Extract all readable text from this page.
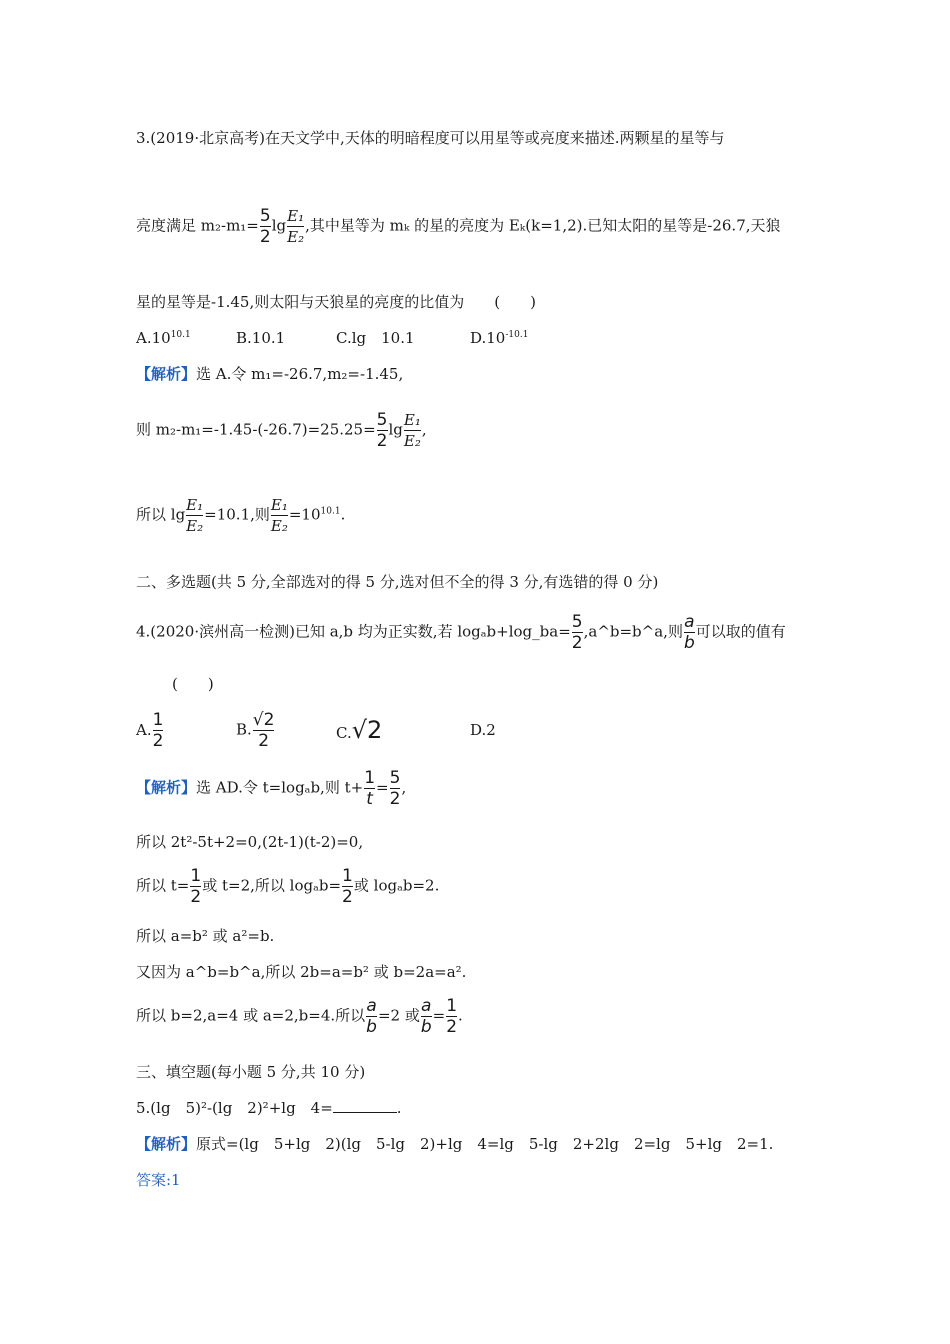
3.(2019·北京高考)在天文学中,天体的明暗程度可以用星等或亮度来描述.两颗星的星等与
亮度满足 $m_2-m_1= \frac{5}{2}$ $\lg \frac{\text{E₁}}{\text{E₂}}$ ,其中星等为 mₖ 的星的亮度为 Eₖ(k=1,2).已知太阳的星等是-26.7,天狼
星的星等是-1.45,则太阳与天狼星的亮度的比值为　　(　　)
$A.10^{10.1}$	B.10.1	C.lg　10.1	$D.10^{-10.1}$
【解析】选 A.令 m₁=-26.7,m₂=-1.45,
则 $m_2-m_1=-1.45-(-26.7)=25.25= \frac{5}{2}$ $\lg \frac{\text{E₁}}{\text{E₂}}$ ,
所以 $\lg \frac{\text{E₁}}{\text{E₂}} =10.1$,则 $\frac{\text{E₁}}{\text{E₂}} =10^{10.1}$.
二、多选题(共 5 分,全部选对的得 5 分,选对但不全的得 3 分,有选错的得 0 分)
4.(2020·滨州高一检测)已知 a,b 均为正实数,若 logₐb+log_ba= $\frac{5}{2}$ ,a^b=b^a,则 $\frac{a}{b}$ 可以取的值有
(　　)
A. $\frac{1}{2}$	B. $\frac{√2}{2}$	C.√2	D.2
【解析】选 AD.令 t=logₐb,则 $t+ \frac{1}{t} = \frac{5}{2}$ ,
所以 2t²-5t+2=0,(2t-1)(t-2)=0,
所以 $t= \frac{1}{2}$ 或 t=2,所以 $\log_ab= \frac{1}{2}$ 或 logₐb=2.
所以 a=b² 或 a²=b.
又因为 a^b=b^a,所以 2b=a=b² 或 b=2a=a².
所以 b=2,a=4 或 a=2,b=4.所以 $\frac{a}{b} =2$ 或 $\frac{a}{b} = \frac{1}{2}$ .
三、填空题(每小题 5 分,共 10 分)
5.(lg　5)²-(lg　2)²+lg　4=	.
【解析】原式=(lg　5+lg　2)(lg　5-lg　2)+lg　4=lg　5-lg　2+2lg　2=lg　5+lg　2=1.
答案:1
